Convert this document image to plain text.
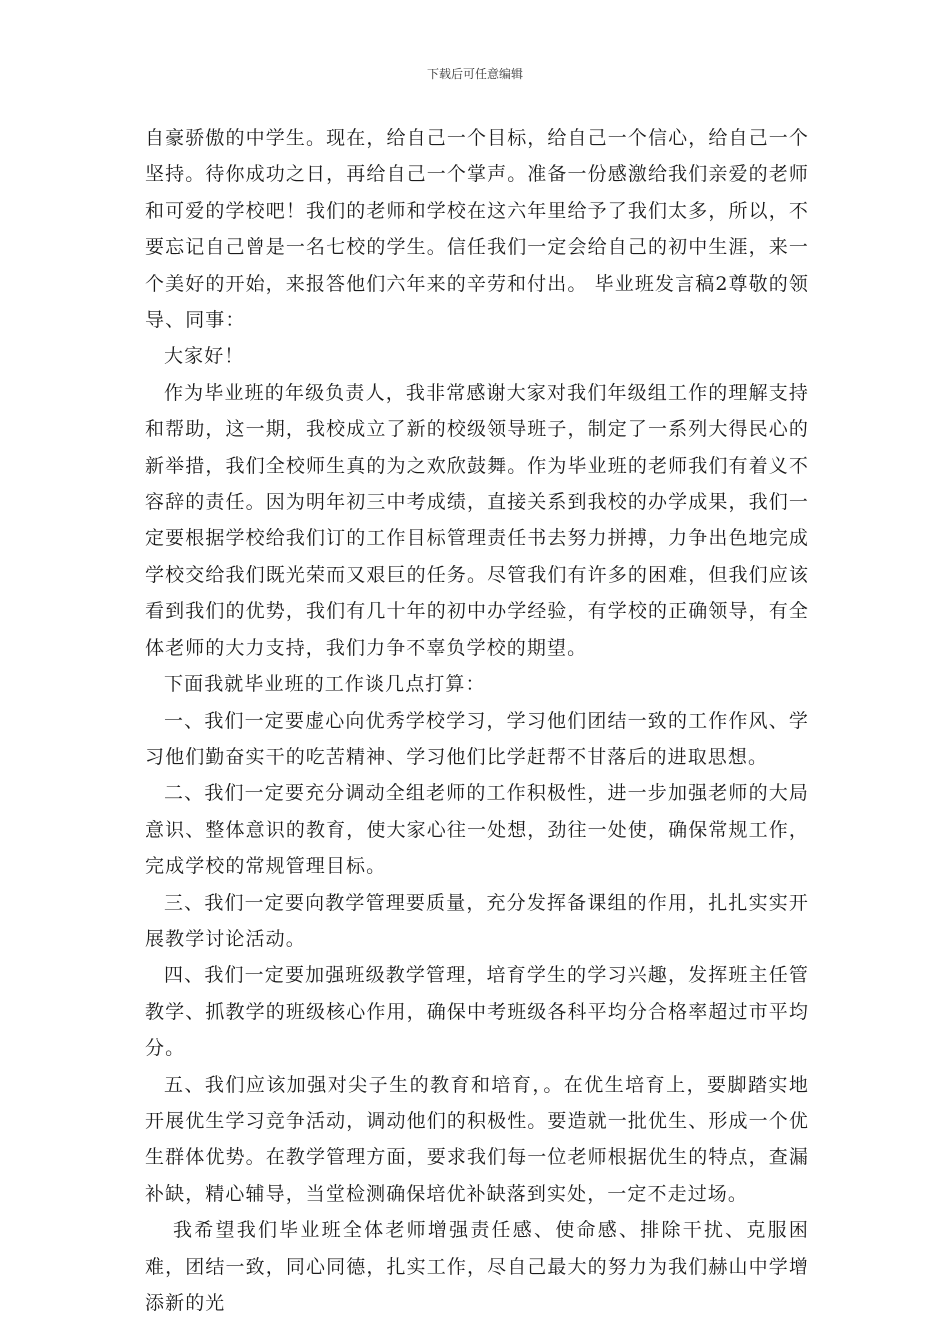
下载后可任意编辑

自豪骄傲的中学生。现在，给自己一个目标，给自己一个信心，给自己一个坚持。待你成功之日，再给自己一个掌声。准备一份感激给我们亲爱的老师和可爱的学校吧！我们的老师和学校在这六年里给予了我们太多，所以，不要忘记自己曾是一名七校的学生。信任我们一定会给自己的初中生涯，来一个美好的开始，来报答他们六年来的辛劳和付出。 毕业班发言稿2尊敬的领导、同事：

大家好！

作为毕业班的年级负责人，我非常感谢大家对我们年级组工作的理解支持和帮助，这一期，我校成立了新的校级领导班子，制定了一系列大得民心的新举措，我们全校师生真的为之欢欣鼓舞。作为毕业班的老师我们有着义不容辞的责任。因为明年初三中考成绩，直接关系到我校的办学成果，我们一定要根据学校给我们订的工作目标管理责任书去努力拼搏，力争出色地完成学校交给我们既光荣而又艰巨的任务。尽管我们有许多的困难，但我们应该看到我们的优势，我们有几十年的初中办学经验，有学校的正确领导，有全体老师的大力支持，我们力争不辜负学校的期望。

下面我就毕业班的工作谈几点打算：

一、我们一定要虚心向优秀学校学习，学习他们团结一致的工作作风、学习他们勤奋实干的吃苦精神、学习他们比学赶帮不甘落后的进取思想。

二、我们一定要充分调动全组老师的工作积极性，进一步加强老师的大局意识、整体意识的教育，使大家心往一处想，劲往一处使，确保常规工作，完成学校的常规管理目标。

三、我们一定要向教学管理要质量，充分发挥备课组的作用，扎扎实实开展教学讨论活动。

四、我们一定要加强班级教学管理，培育学生的学习兴趣，发挥班主任管教学、抓教学的班级核心作用，确保中考班级各科平均分合格率超过市平均分。

五、我们应该加强对尖子生的教育和培育，。在优生培育上，要脚踏实地开展优生学习竞争活动，调动他们的积极性。要造就一批优生、形成一个优生群体优势。在教学管理方面，要求我们每一位老师根据优生的特点，查漏补缺，精心辅导，当堂检测确保培优补缺落到实处，一定不走过场。

我希望我们毕业班全体老师增强责任感、使命感、排除干扰、克服困难，团结一致，同心同德，扎实工作，尽自己最大的努力为我们赫山中学增添新的光
